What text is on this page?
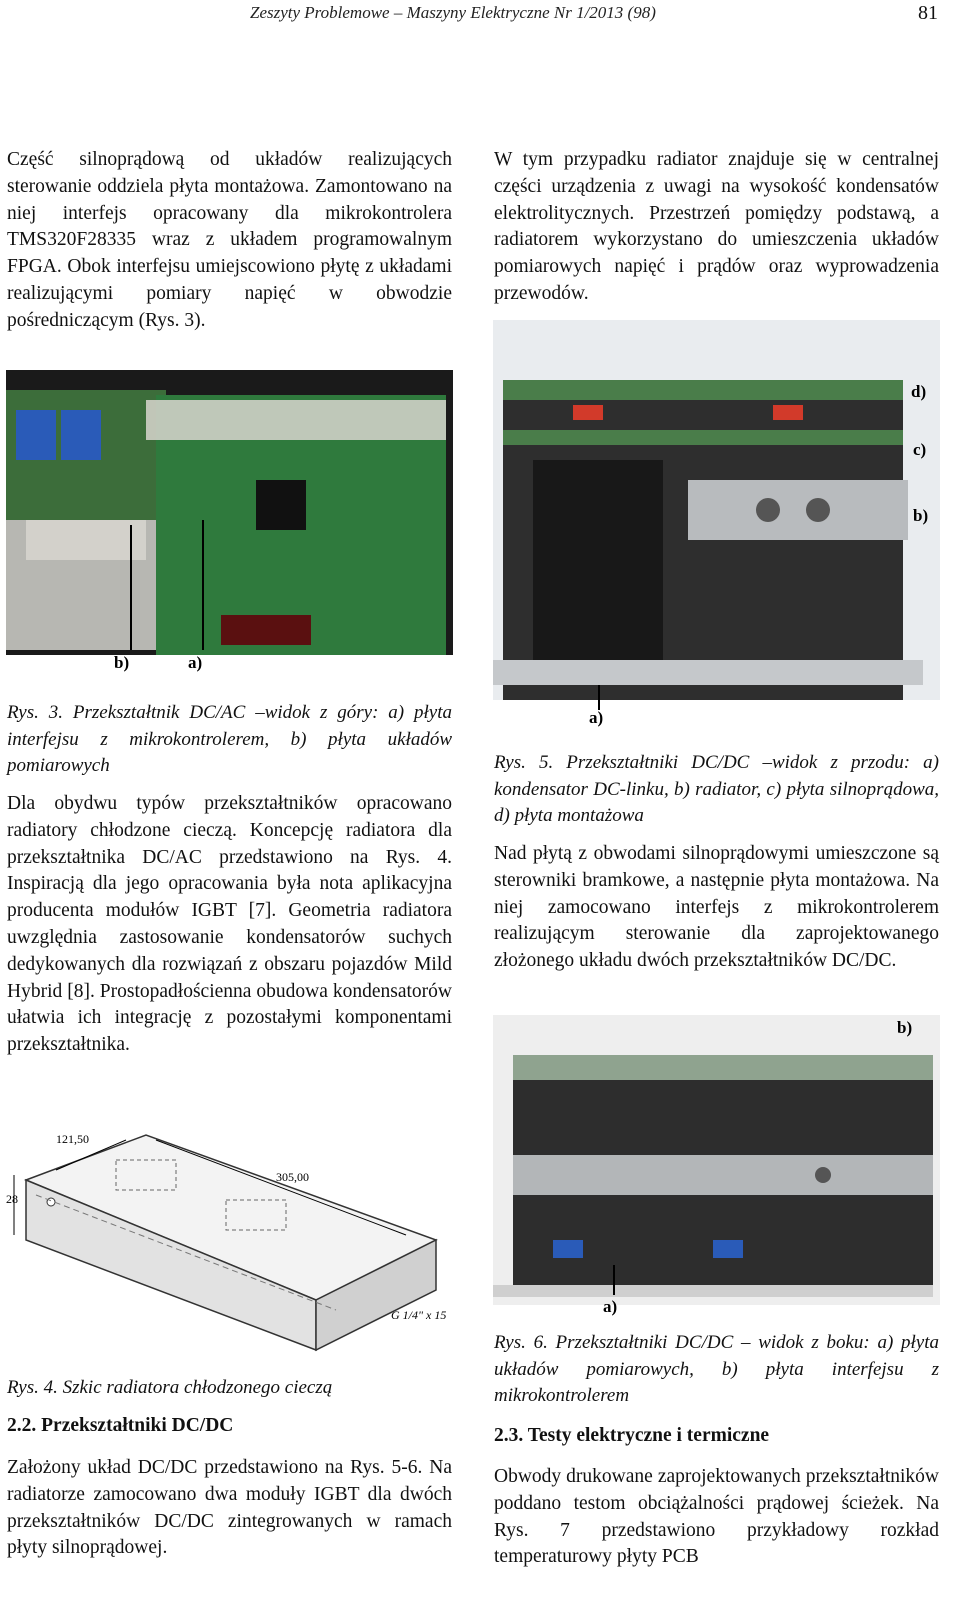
Zeszyty Problemowe – Maszyny Elektryczne Nr 1/2013 (98)	81

Część silnoprądową od układów realizujących sterowanie oddziela płyta montażowa. Zamontowano na niej interfejs opracowany dla mikrokontrolera TMS320F28335 wraz z układem programowalnym FPGA. Obok interfejsu umiejscowiono płytę z układami realizującymi pomiary napięć w obwodzie pośredniczącym (Rys. 3).

b)	a)

Rys. 3. Przekształtnik DC/AC –widok z góry: a) płyta interfejsu z mikrokontrolerem, b) płyta układów pomiarowych

Dla obydwu typów przekształtników opracowano radiatory chłodzone cieczą. Koncepcję radiatora dla przekształtnika DC/AC przedstawiono na Rys. 4. Inspiracją dla jego opracowania była nota aplikacyjna producenta modułów IGBT [7]. Geometria radiatora uwzględnia zastosowanie kondensatorów suchych dedykowanych dla rozwiązań z obszaru pojazdów Mild Hybrid [8]. Prostopadłościenna obudowa kondensatorów ułatwia ich integrację z pozostałymi komponentami przekształtnika.

121,50
305,00
28
G 1/4" x 15

Rys. 4. Szkic radiatora chłodzonego cieczą

2.2. Przekształtniki DC/DC

Założony układ DC/DC przedstawiono na Rys. 5-6. Na radiatorze zamocowano dwa moduły IGBT dla dwóch przekształtników DC/DC zintegrowanych w ramach płyty silnoprądowej.

W tym przypadku radiator znajduje się w centralnej części urządzenia z uwagi na wysokość kondensatów elektrolitycznych. Przestrzeń pomiędzy podstawą, a radiatorem wykorzystano do umieszczenia układów pomiarowych napięć i prądów oraz wyprowadzenia przewodów.

a)
d)
c)
b)

Rys. 5. Przekształtniki DC/DC –widok z przodu: a) kondensator DC-linku, b) radiator, c) płyta silnoprądowa, d) płyta montażowa

Nad płytą z obwodami silnoprądowymi umieszczone są sterowniki bramkowe, a następnie płyta montażowa. Na niej zamocowano interfejs z mikrokontrolerem realizującym sterowanie dla zaprojektowanego złożonego układu dwóch przekształtników DC/DC.

a)
b)

Rys. 6. Przekształtniki DC/DC – widok z boku: a) płyta układów pomiarowych, b) płyta interfejsu z mikrokontrolerem

2.3. Testy elektryczne i termiczne

Obwody drukowane zaprojektowanych przekształtników poddano testom obciążalności prądowej ścieżek. Na Rys. 7 przedstawiono przykładowy rozkład temperaturowy płyty PCB
